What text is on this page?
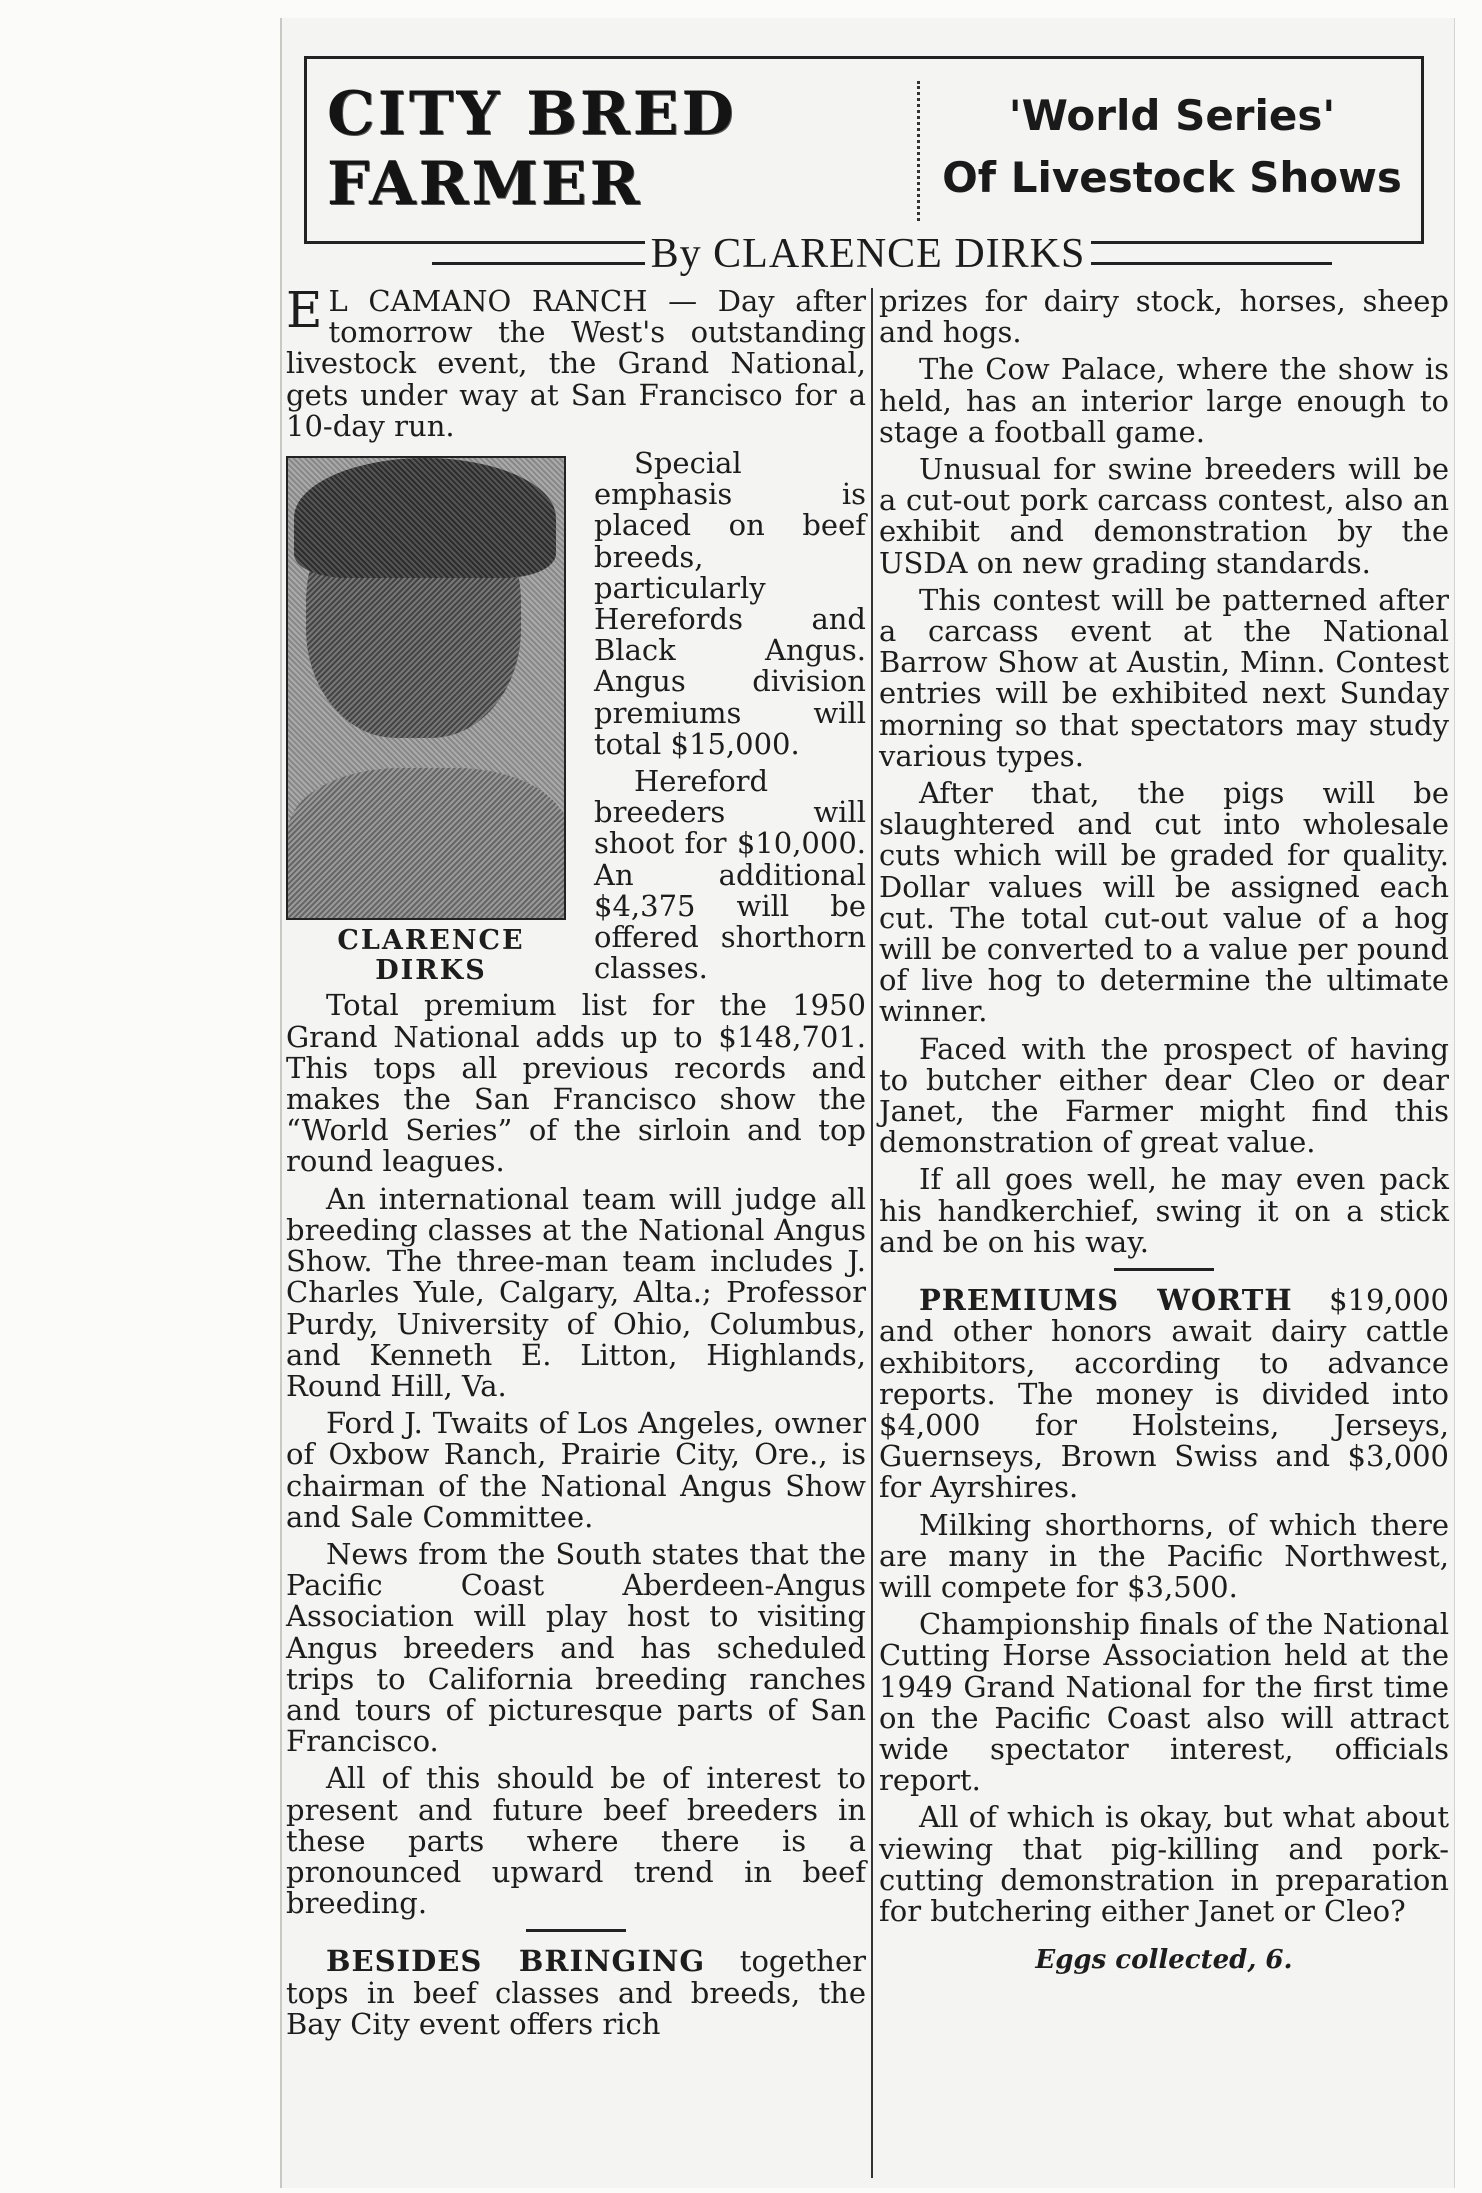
CITY BRED
FARMER
'World Series'
Of Livestock Shows
By CLARENCE DIRKS

E L CAMANO RANCH — Day after tomorrow the West's outstanding livestock event, the Grand National, gets under way at San Francisco for a 10-day run.

CLARENCE
DIRKS

Special emphasis is placed on beef breeds, particularly Herefords and Black Angus. Angus division premiums will total $15,000.

Hereford breeders will shoot for $10,000. An additional $4,375 will be offered shorthorn classes.

Total premium list for the 1950 Grand National adds up to $148,701. This tops all previous records and makes the San Francisco show the “World Series” of the sirloin and top round leagues.

An international team will judge all breeding classes at the National Angus Show. The three-man team includes J. Charles Yule, Calgary, Alta.; Professor Purdy, University of Ohio, Columbus, and Kenneth E. Litton, Highlands, Round Hill, Va.

Ford J. Twaits of Los Angeles, owner of Oxbow Ranch, Prairie City, Ore., is chairman of the National Angus Show and Sale Committee.

News from the South states that the Pacific Coast Aberdeen-Angus Association will play host to visiting Angus breeders and has scheduled trips to California breeding ranches and tours of picturesque parts of San Francisco.

All of this should be of interest to present and future beef breeders in these parts where there is a pronounced upward trend in beef breeding.

BESIDES BRINGING together tops in beef classes and breeds, the Bay City event offers rich

prizes for dairy stock, horses, sheep and hogs.

The Cow Palace, where the show is held, has an interior large enough to stage a football game.

Unusual for swine breeders will be a cut-out pork carcass contest, also an exhibit and demonstration by the USDA on new grading standards.

This contest will be patterned after a carcass event at the National Barrow Show at Austin, Minn. Contest entries will be exhibited next Sunday morning so that spectators may study various types.

After that, the pigs will be slaughtered and cut into wholesale cuts which will be graded for quality. Dollar values will be assigned each cut. The total cut-out value of a hog will be converted to a value per pound of live hog to determine the ultimate winner.

Faced with the prospect of having to butcher either dear Cleo or dear Janet, the Farmer might find this demonstration of great value.

If all goes well, he may even pack his handkerchief, swing it on a stick and be on his way.

PREMIUMS WORTH $19,000 and other honors await dairy cattle exhibitors, according to advance reports. The money is divided into $4,000 for Holsteins, Jerseys, Guernseys, Brown Swiss and $3,000 for Ayrshires.

Milking shorthorns, of which there are many in the Pacific Northwest, will compete for $3,500.

Championship finals of the National Cutting Horse Association held at the 1949 Grand National for the first time on the Pacific Coast also will attract wide spectator interest, officials report.

All of which is okay, but what about viewing that pig-killing and pork-cutting demonstration in preparation for butchering either Janet or Cleo?

Eggs collected, 6.
